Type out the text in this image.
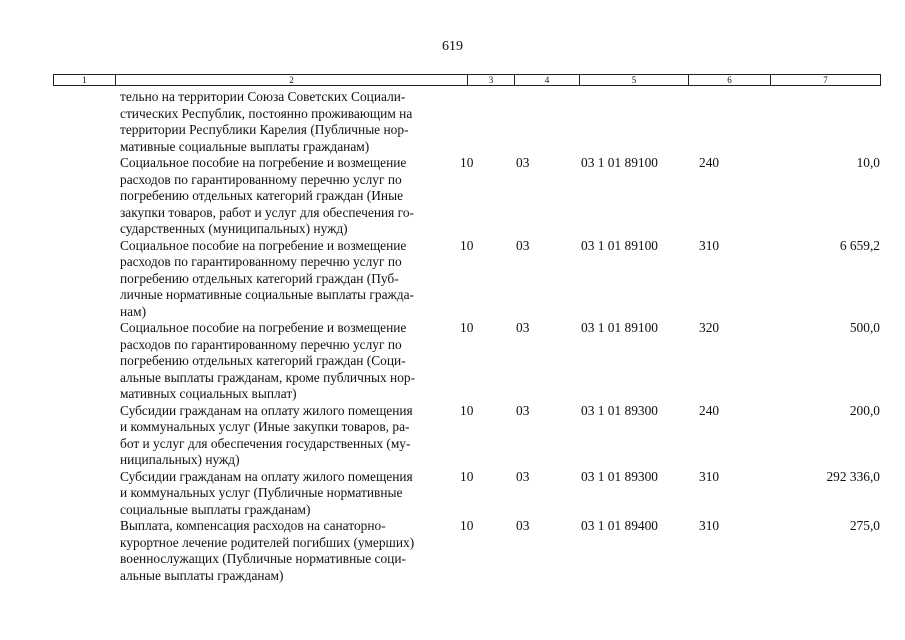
619
1	2	3	4	5	6	7
тельно на территории Союза Советских Социали-
стических Республик, постоянно проживающим на
территории Республики Карелия (Публичные нор-
мативные социальные выплаты гражданам)					

Социальное пособие на погребение и возмещение
расходов по гарантированному перечню услуг по
погребению отдельных категорий граждан (Иные
закупки товаров, работ и услуг для обеспечения го-
сударственных (муниципальных) нужд)	10	03	03 1 01 89100	240	10,0

Социальное пособие на погребение и возмещение
расходов по гарантированному перечню услуг по
погребению отдельных категорий граждан (Пуб-
личные нормативные социальные выплаты гражда-
нам)	10	03	03 1 01 89100	310	6 659,2

Социальное пособие на погребение и возмещение
расходов по гарантированному перечню услуг по
погребению отдельных категорий граждан (Соци-
альные выплаты гражданам, кроме публичных нор-
мативных социальных выплат)	10	03	03 1 01 89100	320	500,0

Субсидии гражданам на оплату жилого помещения
и коммунальных услуг (Иные закупки товаров, ра-
бот и услуг для обеспечения государственных (му-
ниципальных) нужд)	10	03	03 1 01 89300	240	200,0

Субсидии гражданам на оплату жилого помещения
и коммунальных услуг (Публичные нормативные
социальные выплаты гражданам)	10	03	03 1 01 89300	310	292 336,0

Выплата, компенсация расходов на санаторно-
курортное лечение родителей погибших (умерших)
военнослужащих (Публичные нормативные соци-
альные выплаты гражданам)	10	03	03 1 01 89400	310	275,0
